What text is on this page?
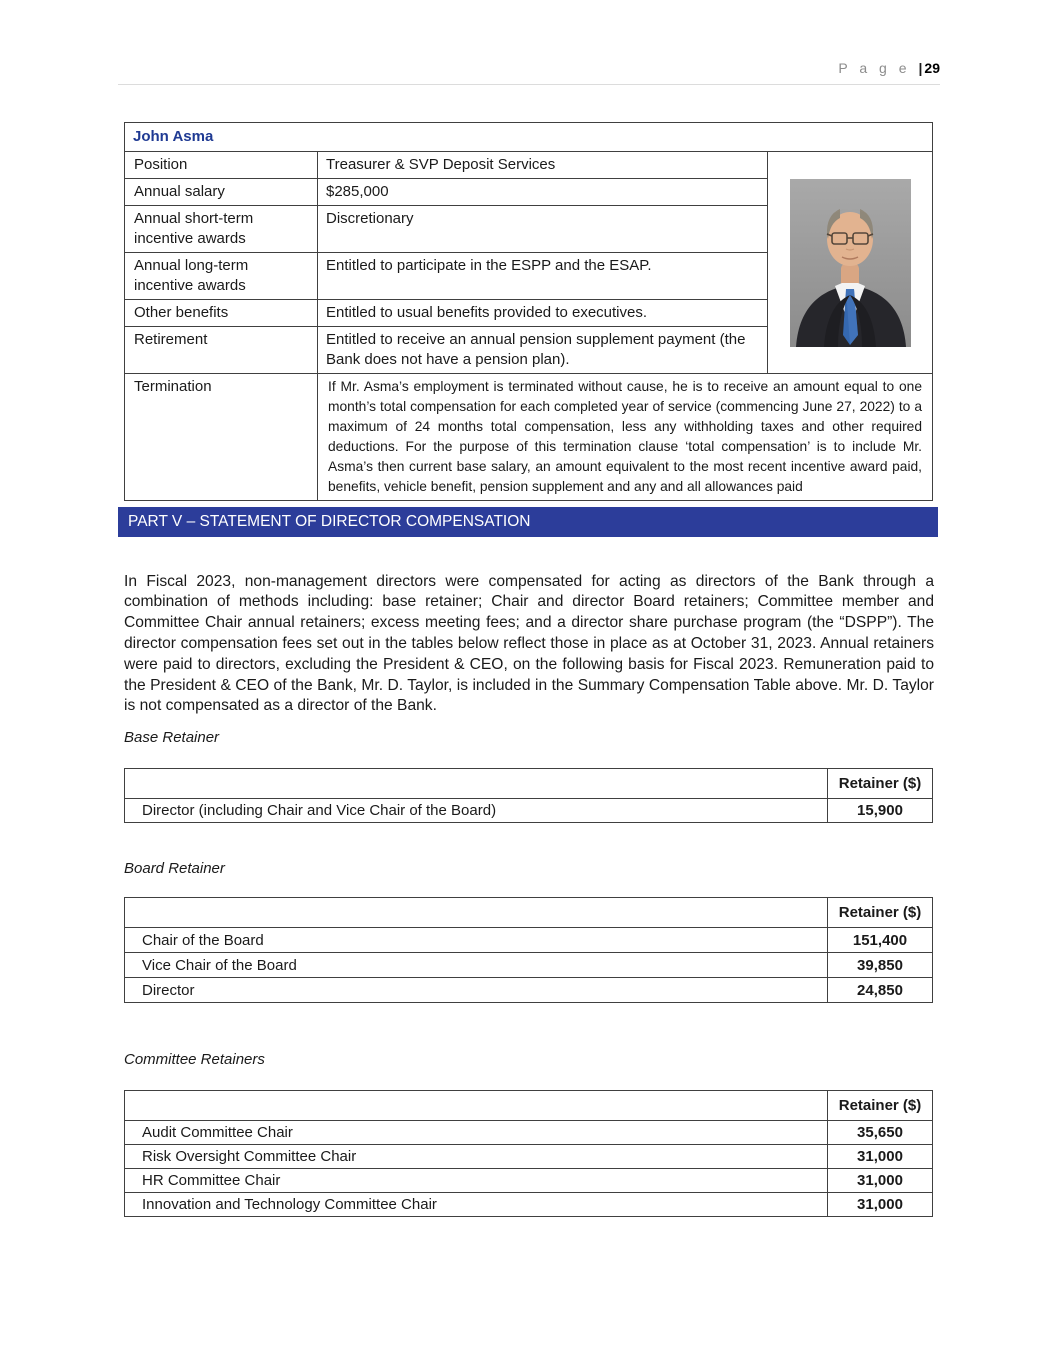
P a g e | 29
John Asma		
Position	Treasurer & SVP Deposit Services	
Annual salary	$285,000	
Annual short-term incentive awards	Discretionary	
Annual long-term incentive awards	Entitled to participate in the ESPP and the ESAP.	
Other benefits	Entitled to usual benefits provided to executives.	
Retirement	Entitled to receive an annual pension supplement payment (the Bank does not have a pension plan).	
Termination	If Mr. Asma’s employment is terminated without cause, he is to receive an amount equal to one month’s total compensation for each completed year of service (commencing June 27, 2022) to a maximum of 24 months total compensation, less any withholding taxes and other required deductions. For the purpose of this termination clause ‘total compensation’ is to include Mr. Asma’s then current base salary, an amount equivalent to the most recent incentive award paid, benefits, vehicle benefit, pension supplement and any and all allowances paid	
PART V – STATEMENT OF DIRECTOR COMPENSATION

In Fiscal 2023, non-management directors were compensated for acting as directors of the Bank through a combination of methods including: base retainer; Chair and director Board retainers; Committee member and Committee Chair annual retainers; excess meeting fees; and a director share purchase program (the “DSPP”). The director compensation fees set out in the tables below reflect those in place as at October 31, 2023. Annual retainers were paid to directors, excluding the President & CEO, on the following basis for Fiscal 2023. Remuneration paid to the President & CEO of the Bank, Mr. D. Taylor, is included in the Summary Compensation Table above. Mr. D. Taylor is not compensated as a director of the Bank.

Base Retainer
	Retainer ($)
Director (including Chair and Vice Chair of the Board)	15,900
Board Retainer
	Retainer ($)
Chair of the Board	151,400
Vice Chair of the Board	39,850
Director	24,850
Committee Retainers
	Retainer ($)
Audit Committee Chair	35,650
Risk Oversight Committee Chair	31,000
HR Committee Chair	31,000
Innovation and Technology Committee Chair	31,000
